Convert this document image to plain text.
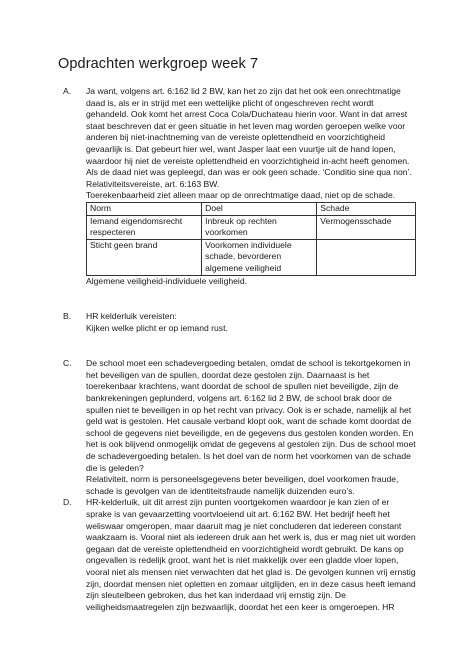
Opdrachten werkgroep week 7
A. Ja want, volgens art. 6:162 lid 2 BW, kan het zo zijn dat het ook een onrechtmatige daad is, als er in strijd met een wettelijke plicht of ongeschreven recht wordt gehandeld. Ook komt het arrest Coca Cola/Duchateau hierin voor. Want in dat arrest staat beschreven dat er geen situatie in het leven mag worden geroepen welke voor anderen bij niet-inachtneming van de vereiste oplettendheid en voorzichtigheid gevaarlijk is. Dat gebeurt hier wel, want Jasper laat een vuurtje uit de hand lopen, waardoor hij niet de vereiste oplettendheid en voorzichtigheid in-acht heeft genomen. Als de daad niet was gepleegd, dan was er ook geen schade. ‘Conditio sine qua non’. Relativiteitsvereiste, art. 6:163 BW.

Toerekenbaarheid ziet alleen maar op de onrechtmatige daad, niet op de schade.

Norm	Doel	Schade
Iemand eigendomsrecht respecteren	Inbreuk op rechten voorkomen	Vermogensschade
Sticht geen brand	Voorkomen individuele schade, bevorderen algemene veiligheid	

Algemene veiligheid-individuele veiligheid.

B. HR kelderluik vereisten:

Kijken welke plicht er op iemand rust.

C. De school moet een schadevergoeding betalen, omdat de school is tekortgekomen in het beveiligen van de spullen, doordat deze gestolen zijn. Daarnaast is het toerekenbaar krachtens, want doordat de school de spullen niet beveiligde, zijn de bankrekeningen geplunderd, volgens art. 6:162 lid 2 BW, de school brak door de spullen niet te beveiligen in op het recht van privacy. Ook is er schade, namelijk al het geld wat is gestolen. Het causale verband klopt ook, want de schade komt doordat de school de gegevens niet beveiligde, en de gegevens dus gestolen konden worden. En het is ook blijvend onmogelijk omdat de gegevens al gestolen zijn. Dus de school moet de schadevergoeding betalen. Is het doel van de norm het voorkomen van de schade die is geleden?

Relativiteit, norm is personeelsgegevens beter beveiligen, doel voorkomen fraude, schade is gevolgen van de identiteitsfraude namelijk duizenden euro’s.

D. HR-kelderluik, uit dit arrest zijn punten voortgekomen waardoor je kan zien of er sprake is van gevaarzetting voortvloeiend uit art. 6:162 BW. Het bedrijf heeft het weliswaar omgeropen, maar daaruit mag je niet concluderen dat iedereen constant waakzaam is. Vooral niet als iedereen druk aan het werk is, dus er mag niet uit worden gegaan dat de vereiste oplettendheid en voorzichtigheid wordt gebruikt. De kans op ongevallen is redelijk groot, want het is niet makkelijk over een gladde vloer lopen, vooral niet als mensen niet verwachten dat het glad is. De gevolgen kunnen vrij ernstig zijn, doordat mensen niet opletten en zomaar uitglijden, en in deze casus heeft iemand zijn sleutelbeen gebroken, dus het kan inderdaad vrij ernstig zijn. De veiligheidsmaatregelen zijn bezwaarlijk, doordat het een keer is omgeroepen. HR
